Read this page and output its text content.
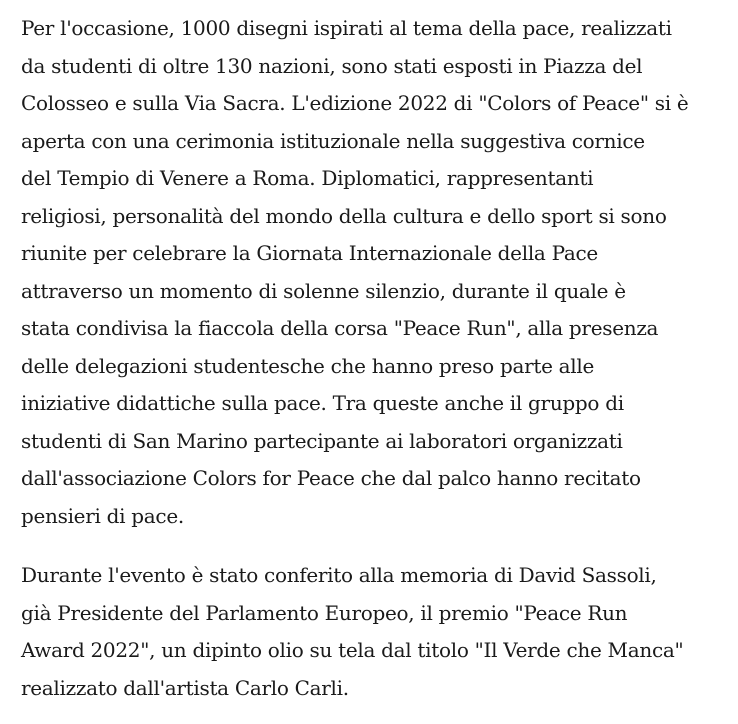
Per l'occasione, 1000 disegni ispirati al tema della pace, realizzati
da studenti di oltre 130 nazioni, sono stati esposti in Piazza del
Colosseo e sulla Via Sacra. L'edizione 2022 di "Colors of Peace" si è
aperta con una cerimonia istituzionale nella suggestiva cornice
del Tempio di Venere a Roma. Diplomatici, rappresentanti
religiosi, personalità del mondo della cultura e dello sport si sono
riunite per celebrare la Giornata Internazionale della Pace
attraverso un momento di solenne silenzio, durante il quale è
stata condivisa la fiaccola della corsa "Peace Run", alla presenza
delle delegazioni studentesche che hanno preso parte alle
iniziative didattiche sulla pace. Tra queste anche il gruppo di
studenti di San Marino partecipante ai laboratori organizzati
dall'associazione Colors for Peace che dal palco hanno recitato
pensieri di pace.

Durante l'evento è stato conferito alla memoria di David Sassoli,
già Presidente del Parlamento Europeo, il premio "Peace Run
Award 2022", un dipinto olio su tela dal titolo "Il Verde che Manca"
realizzato dall'artista Carlo Carli.
